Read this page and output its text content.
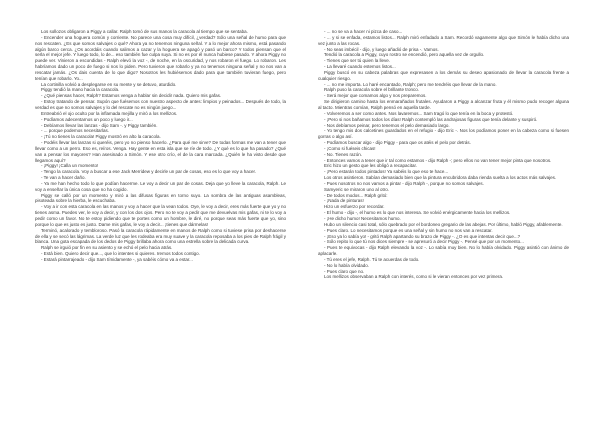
Los sollozos obligaron a Piggy a callar. Ralph tomó de sus manos la caracola al tiempo que se sentaba.

- Encender una hoguera común y corriente. No parece una cosa muy difícil, ¿verdad? Sólo una señal de humo para que nos rescaten. ¿Es que somos salvajes o qué? Ahora ya no tenemos ninguna señal. Y a lo mejor ahora mismo, está pasando algún barco cerca. ¿Os acordáis cuando salimos a cazar y la hoguera se apagó y pasó un barco? Y todos piensan que el serla el mejor jefe. Y luego todo, lo de... eso también fue culpa suya. Si no es por él nunca hubiese pasado. Y ahora Piggy no puede ver. Vinieron a escondidas - Ralph elevó la voz -, de noche, en la oscuridad, y nos robaron el fuego. Lo robaron. Les habríamos dado un poco de fuego si nos lo piden. Pero tuvieron que robarlo y ya no tenemos ninguna señal y no nos van a rescatar jamás. ¿Os dais cuenta de lo que digo? Nosotros les hubiésemos dado para que también tuvieran fuego, pero tenían que robarlo. Yo...

La cortinilla volvió a desplegarse en su mente y se detuvo, aturdido.

Piggy tendió la mano hacia la caracola.

- ¿Qué piensas hacer, Ralph? Estamos venga a hablar sin decidir nada. Quiero mis gafas.

- Estoy tratando de pensar. Supón que fuésemos con nuestro aspecto de antes: limpios y peinados... Después de todo, la verdad es que no somos salvajes y lo del rescate no es ningún juego...

Entreabrió el ojo oculto por la inflamada mejilla y miró a los mellizos.

- Podíamos adecentarnos un poco y luego ir...

- Debíamos llevar las lanzas - dijo Sam -. y Piggy también.

- ... porque podemos necesitarlas.

- ¡Tú no tienes la caracola! Piggy mostró en alto la caracola.

- Podéis llevar las lanzas si queréis, pero yo no pienso hacerlo. ¿Para qué me sirve? De todas formas me van a tener que llevar como a un perro. Eso es, reíros. Venga. Hay gente en esta isla que se ríe de todo. ¿Y qué es lo que ha pasado? ¿Qué van a pensar los mayores? Han asesinado a Simón. Y ese otro crío, el de la cara marcada. ¿Quién le ha visto desde que llegamos aquí?

- ¡Piggy! ¡Calla un momento!

- Tengo la caracola. Voy a buscar a ese Jack Merridew y decirle un par de cosas, eso es lo que voy a hacer.

- Te van a hacer daño.

- Ya me han hecho todo lo que podían hacerme. Le voy a decir un par de cosas. Deja que yo lleve la caracola, Ralph. Le voy a enseñar la única cosa que no ha cogido.

Piggy se calló por un momento y miró a las difusas figuras en torno suyo. La sombra de las antiguas asambleas, pisoteada sobre la hierba, le escuchaba.

- Voy a ir con esta caracola en las manos y voy a hacer que la vean todos. Oye, le voy a decir, eres más fuerte que yo y no tienes asma. Puedes ver, le voy a decir, y con los dos ojos. Pero no te voy a pedir que me devuelvas mis gafas, ni te lo voy a pedir como un favor. No te estoy pidiendo que te portes como un hombre, le diré, no porque seas más fuerte que yo, sino porque lo que es justo es justo. Dame mis gafas, le voy a decir... ¡tienes que dármelas!

Terminó, acalorado y tembloroso. Pasó la caracola rápidamente en manos de Ralph como si tuviese prisa por deshacerse de ella y se secó las lágrimas. La verde luz que les rodeaba era muy suave y la caracola reposaba a los pies de Ralph frágil y blanca. Una gota escapada de los dedos de Piggy brillaba ahora como una estrella sobre la delicada curva.

Ralph se irguió por fin en su asiento y se echó el pelo hacia atrás.

- Está bien. Quiero decir que..., que lo intentes si quieres. Iremos todos contigo.

- Estará pintarrajeado - dijo Sam tímidamente -, ya sabéis cómo va a estar...

- ... no se va a hacer ni pizca de caso...

- ... y si se enfada, estamos listos... Ralph miró enfadado a Sam. Recordó vagamente algo que Simón le había dicho una vez junto a las rocas.

- No seas imbécil - dijo, y luego añadió de prisa -. Vamos.

Tendió la caracola a Piggy, cuyo rostro se encendió, pero aquella vez de orgullo.

- Tienes que ser tú quien la lleve.

- La llevaré cuando estemos listos...

Piggy buscó en su cabeza palabras que expresasen a los demás su deseo apasionado de llevar la caracola frente a cualquier riesgo.

- ... no me importa. Lo haré encantado, Ralph; pero me tendréis que llevar de la mano.

Ralph puso la caracola sobre el brillante tronco.

- Será mejor que comamos algo y nos preparemos.

Se dirigieron camino hasta los enmarañados frutales. Ayudaron a Piggy a alcanzar fruta y él mismo pudo recoger alguna al tacto. Mientras comían, Ralph pensó en aquella tarde.

- Volveremos a ser como antes. Nos lavaremos... Sam tragó lo que tenía en la boca y protestó.

- ¡Pero si nos bañamos todos los días! Ralph contempló las andrajosas figuras que tenía delante y suspiró.

- Nos debíamos peinar, pero tenemos el pelo demasiado largo.

- Yo tengo mis dos calcetines guardados en el refugio - dijo Eric -. Nos los podíamos poner en la cabeza como si fuesen gorras o algo así.

- Podíamos buscar algo - dijo Piggy - para que os atéis el pelo por detrás.

- ¡Como si fuéseis chicas!

- No. Tienes razón.

- Entonces vamos a tener que ir tal como estamos - dijo Ralph -; pero ellos no van tener mejor pinta que nosotros.

Eric hizo un gesto que les obligó a recapacitar.

- ¡Pero estarán todos pintados! Ya sabéis lo que eso te hace...

Los otros asintieron. Sabían demasiado bien que la pintura encubridora daba rienda suelta a los actos más salvajes.

- Pues nosotros no nos vamos a pintar - dijo Ralph -, porque no somos salvajes.

Samyeric se miraron uno al otro.

- De todos modos... Ralph gritó:

- ¡Nada de pinturas!

Hizo un esfuerzo por recordar.

- El humo - dijo -, el humo es lo que nos interesa. Se volvió enérgicamente hacia los mellizos.

- ¡He dicho humo! Necesitamos humo.

Hubo un silencio casi total, sólo quebrado por el bordoneo gregario de las abejas. Por último, habló Piggy, afablemente.

- Pues claro. Lo necesitamos porque es una señal y sin humo no nos van a rescatar.

- ¡Eso ya lo sabía yo! - gritó Ralph apartando su brazo de Piggy -. ¿O es que intentas decir que...?

- Sólo repito lo que tú nos dices siempre - se apresuró a decir Piggy -. Pensé que por un momento...

- Pues te equivocas - dijo Ralph elevando la voz -. Lo sabía muy bien. No lo había olvidado. Piggy asintió con ánimo de aplacarle.

- Tú eres el jefe, Ralph. Tú te acuerdas de todo.

- No lo había olvidado.

- Pues claro que no.

Los mellizos observaban a Ralph con interés, como si le vieran entonces por vez primera.
